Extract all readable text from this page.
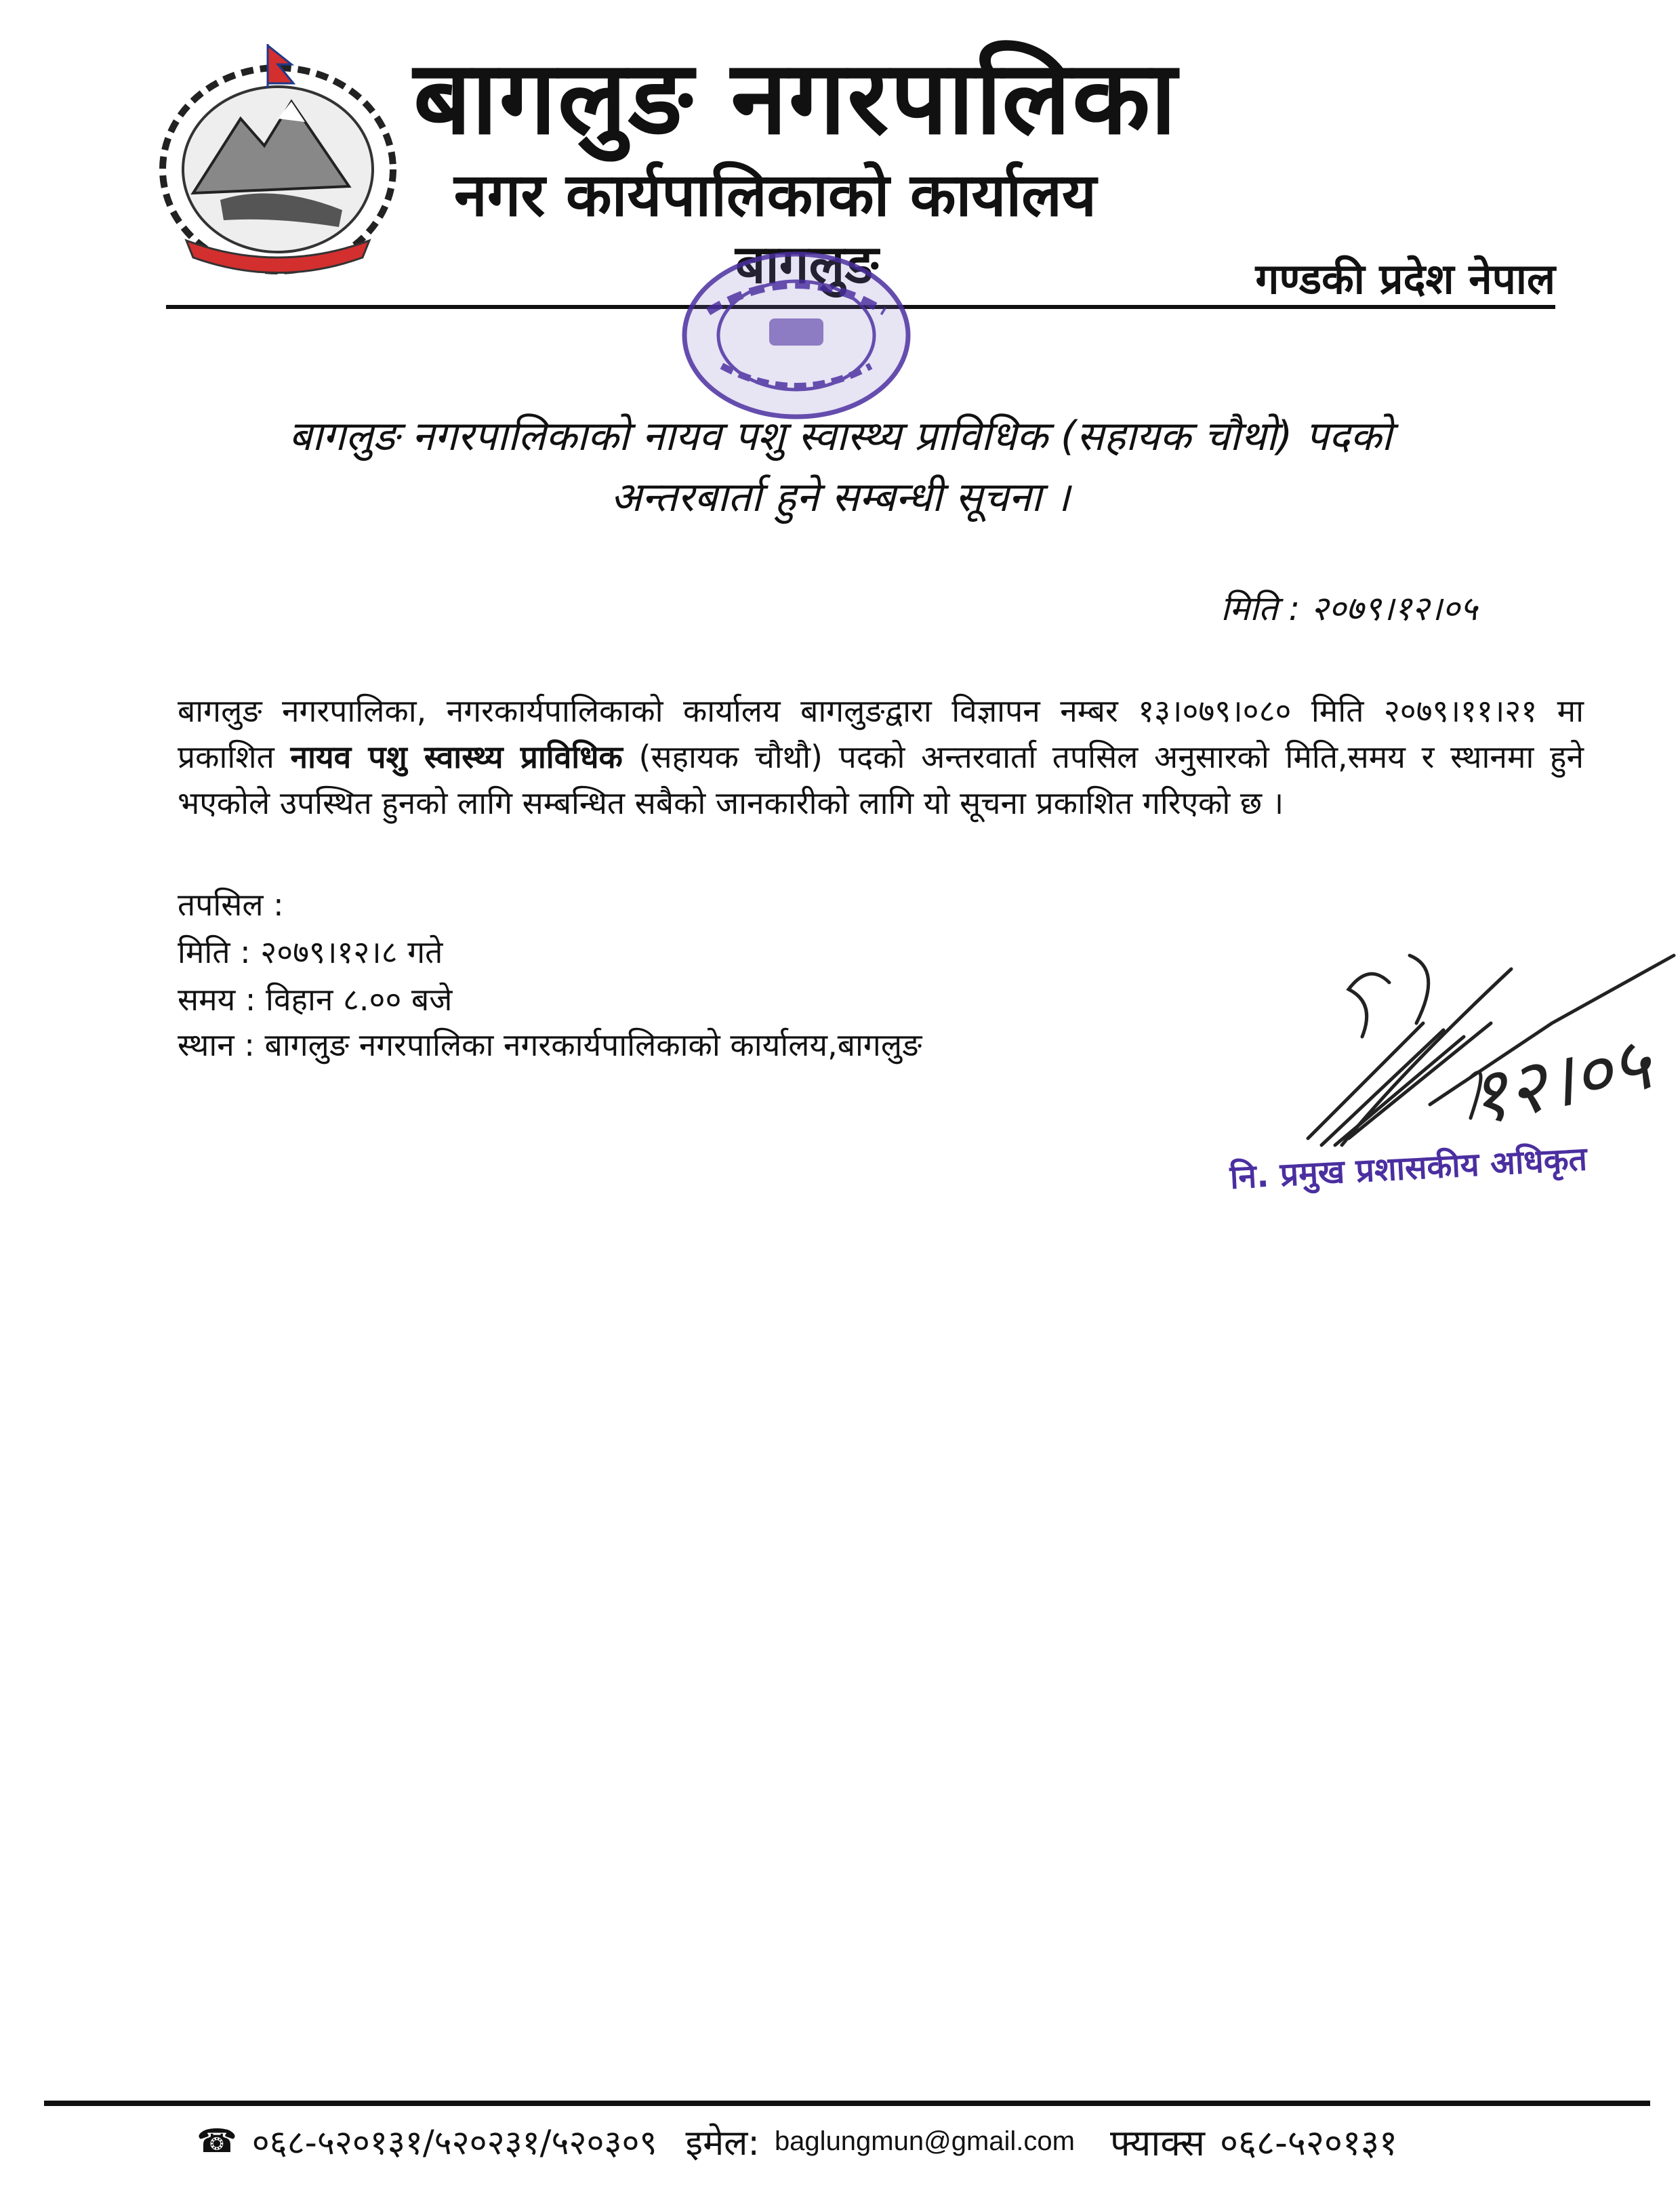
बागलुङ नगरपालिका
नगर कार्यपालिकाको कार्यालय
बागलुङ	गण्डकी प्रदेश नेपाल
बागलुङ नगरपालिकाको नायव पशु स्वास्थ्य प्राविधिक (सहायक चौथो) पदको
अन्तरबार्ता हुने सम्बन्धी सूचना ।
मिति : २०७९।१२।०५
बागलुङ नगरपालिका, नगरकार्यपालिकाको कार्यालय बागलुङद्वारा विज्ञापन नम्बर १३।०७९।०८० मिति २०७९।११।२१ मा प्रकाशित नायव पशु स्वास्थ्य प्राविधिक (सहायक चौथौ) पदको अन्तरवार्ता तपसिल अनुसारको मिति,समय र स्थानमा हुने भएकोले उपस्थित हुनको लागि सम्बन्धित सबैको जानकारीको लागि यो सूचना प्रकाशित गरिएको छ ।
तपसिल :
मिति : २०७९।१२।८ गते
समय : विहान ८.०० बजे
स्थान : बागलुङ नगरपालिका नगरकार्यपालिकाको कार्यालय,बागलुङ	१२।०५
नि. प्रमुख प्रशासकीय अधिकृत
☎ ०६८-५२०१३१/५२०२३१/५२०३०९ इमेल: baglungmun@gmail.com फ्याक्स ०६८-५२०१३१
